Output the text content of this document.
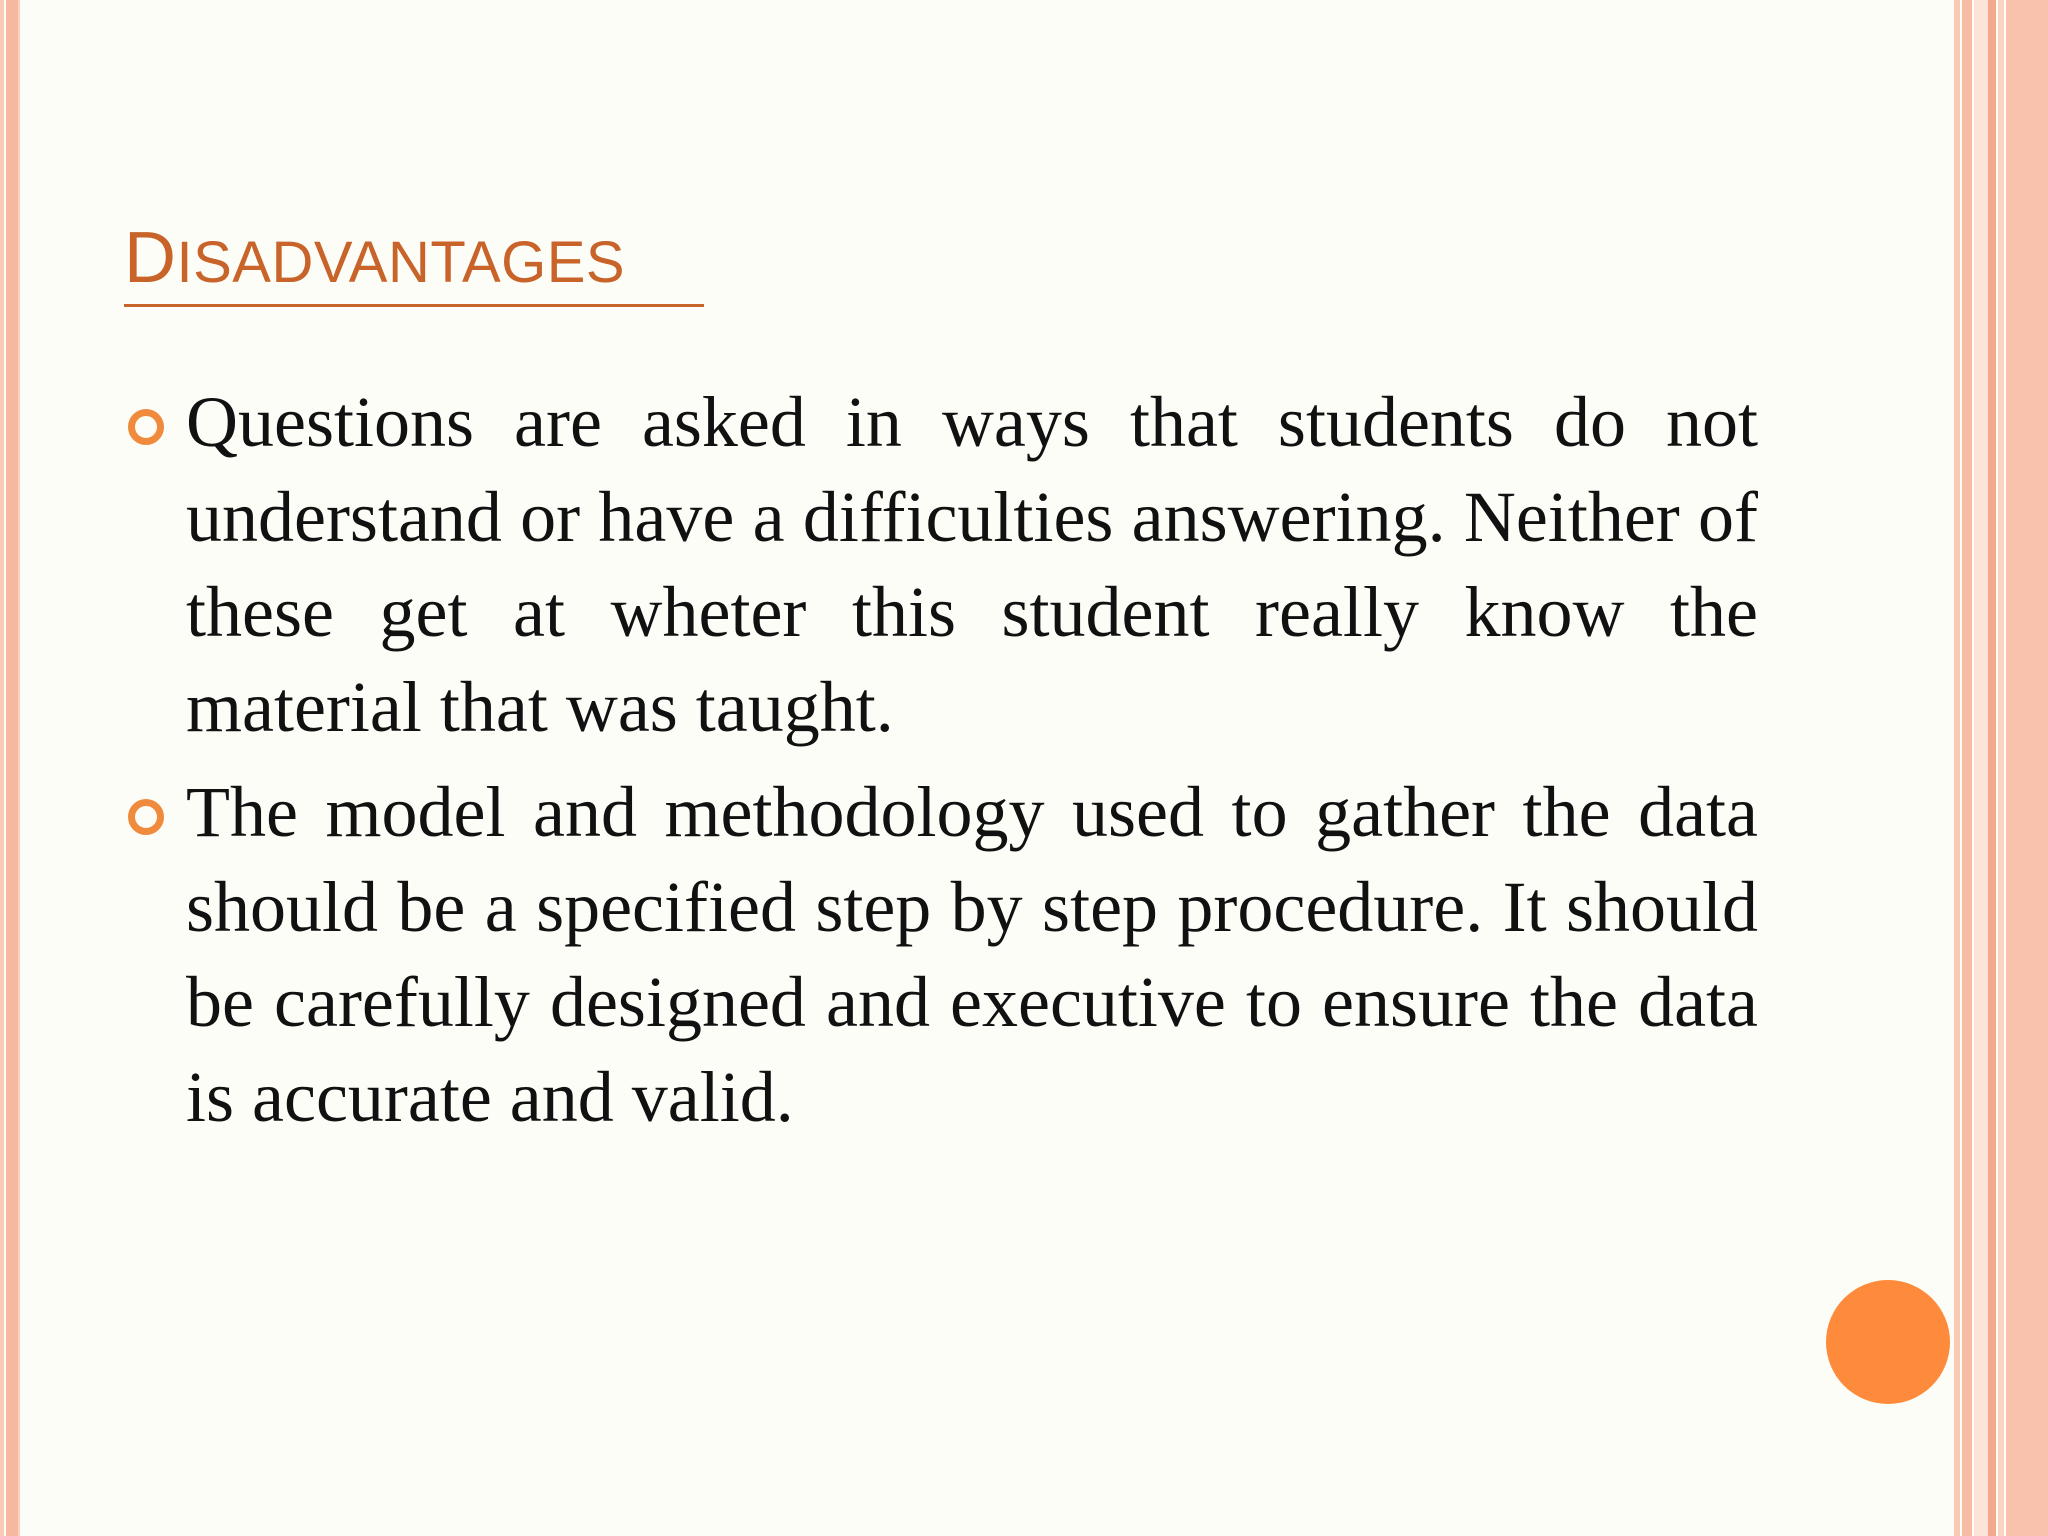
DISADVANTAGES
Questions are asked in ways that students do not understand or have a difficulties answering. Neither of these get at wheter this student really know the material that was taught.
The model and methodology used to gather the data should be a specified step by step procedure. It should be carefully designed and executive to ensure the data is accurate and valid.
